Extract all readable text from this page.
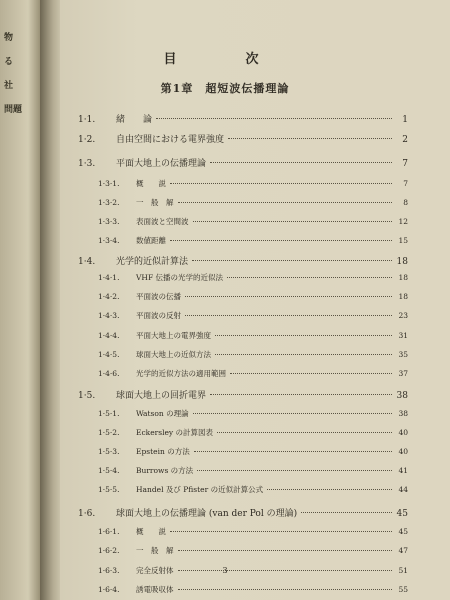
物
る
社
問題
目　次
第1章　超短波伝播理論
1·1.	緒　　論	1
1·2.	自由空間における電界強度	2
1·3.	平面大地上の伝播理論	7
1·3·1.	概　　説	7
1·3·2.	一　般　解	8
1·3·3.	表面波と空間波	12
1·3·4.	数値距離	15
1·4.	光学的近似計算法	18
1·4·1.	VHF 伝播の光学的近似法	18
1·4·2.	平面波の伝播	18
1·4·3.	平面波の反射	23
1·4·4.	平面大地上の電界強度	31
1·4·5.	球面大地上の近似方法	35
1·4·6.	光学的近似方法の適用範囲	37
1·5.	球面大地上の回折電界	38
1·5·1.	Watson の理論	38
1·5·2.	Eckersley の計算図表	40
1·5·3.	Epstein の方法	40
1·5·4.	Burrows の方法	41
1·5·5.	Handel 及び Pfister の近似計算公式	44
1·6.	球面大地上の伝播理論 (van der Pol の理論)	45
1·6·1.	概　　説	45
1·6·2.	一　般　解	47
1·6·3.	完全反射体	51
1·6·4.	誘電吸収体	55
3
